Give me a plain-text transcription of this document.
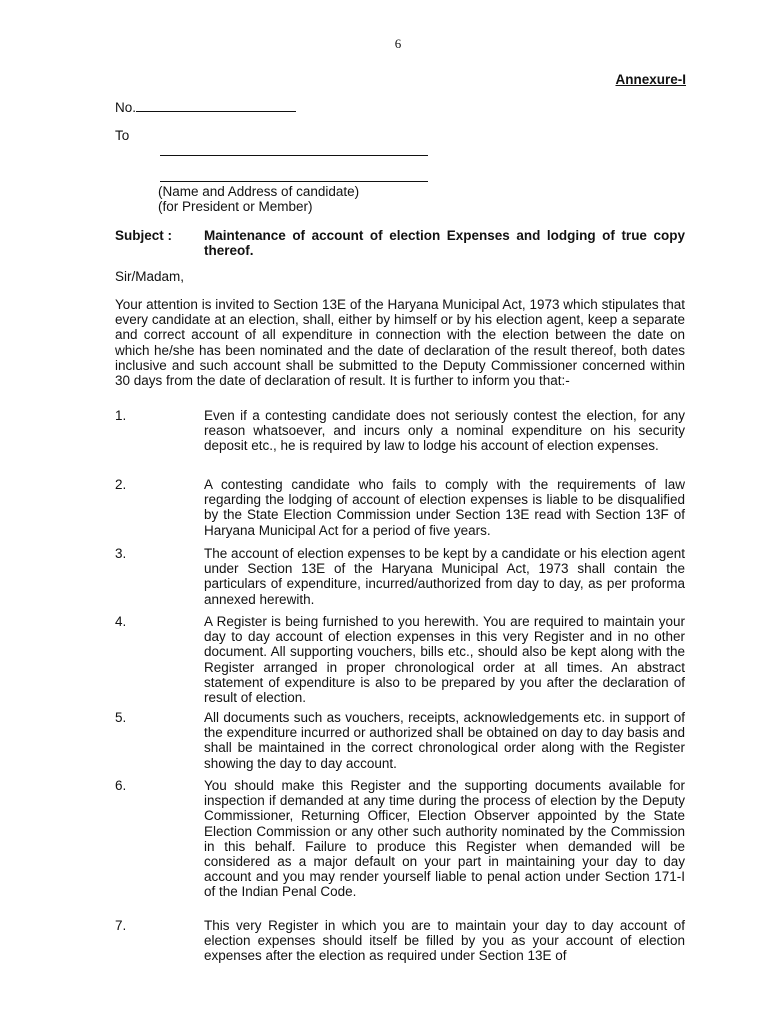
6
Annexure-I
No.
To
(Name and Address of candidate)
(for President or Member)
Subject : Maintenance of account of election Expenses and lodging of true copy thereof.
Sir/Madam,
Your attention is invited to Section 13E of the Haryana Municipal Act, 1973 which stipulates that every candidate at an election, shall, either by himself or by his election agent, keep a separate and correct account of all expenditure in connection with the election between the date on which he/she has been nominated and the date of declaration of the result thereof, both dates inclusive and such account shall be submitted to the Deputy Commissioner concerned within 30 days from the date of declaration of result. It is further to inform you that:-
1.	Even if a contesting candidate does not seriously contest the election, for any reason whatsoever, and incurs only a nominal expenditure on his security deposit etc., he is required by law to lodge his account of election expenses.
2.	A contesting candidate who fails to comply with the requirements of law regarding the lodging of account of election expenses is liable to be disqualified by the State Election Commission under Section 13E read with Section 13F of Haryana Municipal Act for a period of five years.
3.	The account of election expenses to be kept by a candidate or his election agent under Section 13E of the Haryana Municipal Act, 1973 shall contain the particulars of expenditure, incurred/authorized from day to day, as per proforma annexed herewith.
4.	A Register is being furnished to you herewith. You are required to maintain your day to day account of election expenses in this very Register and in no other document. All supporting vouchers, bills etc., should also be kept along with the Register arranged in proper chronological order at all times. An abstract statement of expenditure is also to be prepared by you after the declaration of result of election.
5.	All documents such as vouchers, receipts, acknowledgements etc. in support of the expenditure incurred or authorized shall be obtained on day to day basis and shall be maintained in the correct chronological order along with the Register showing the day to day account.
6.	You should make this Register and the supporting documents available for inspection if demanded at any time during the process of election by the Deputy Commissioner, Returning Officer, Election Observer appointed by the State Election Commission or any other such authority nominated by the Commission in this behalf. Failure to produce this Register when demanded will be considered as a major default on your part in maintaining your day to day account and you may render yourself liable to penal action under Section 171-I of the Indian Penal Code.
7.	This very Register in which you are to maintain your day to day account of election expenses should itself be filled by you as your account of election expenses after the election as required under Section 13E of
